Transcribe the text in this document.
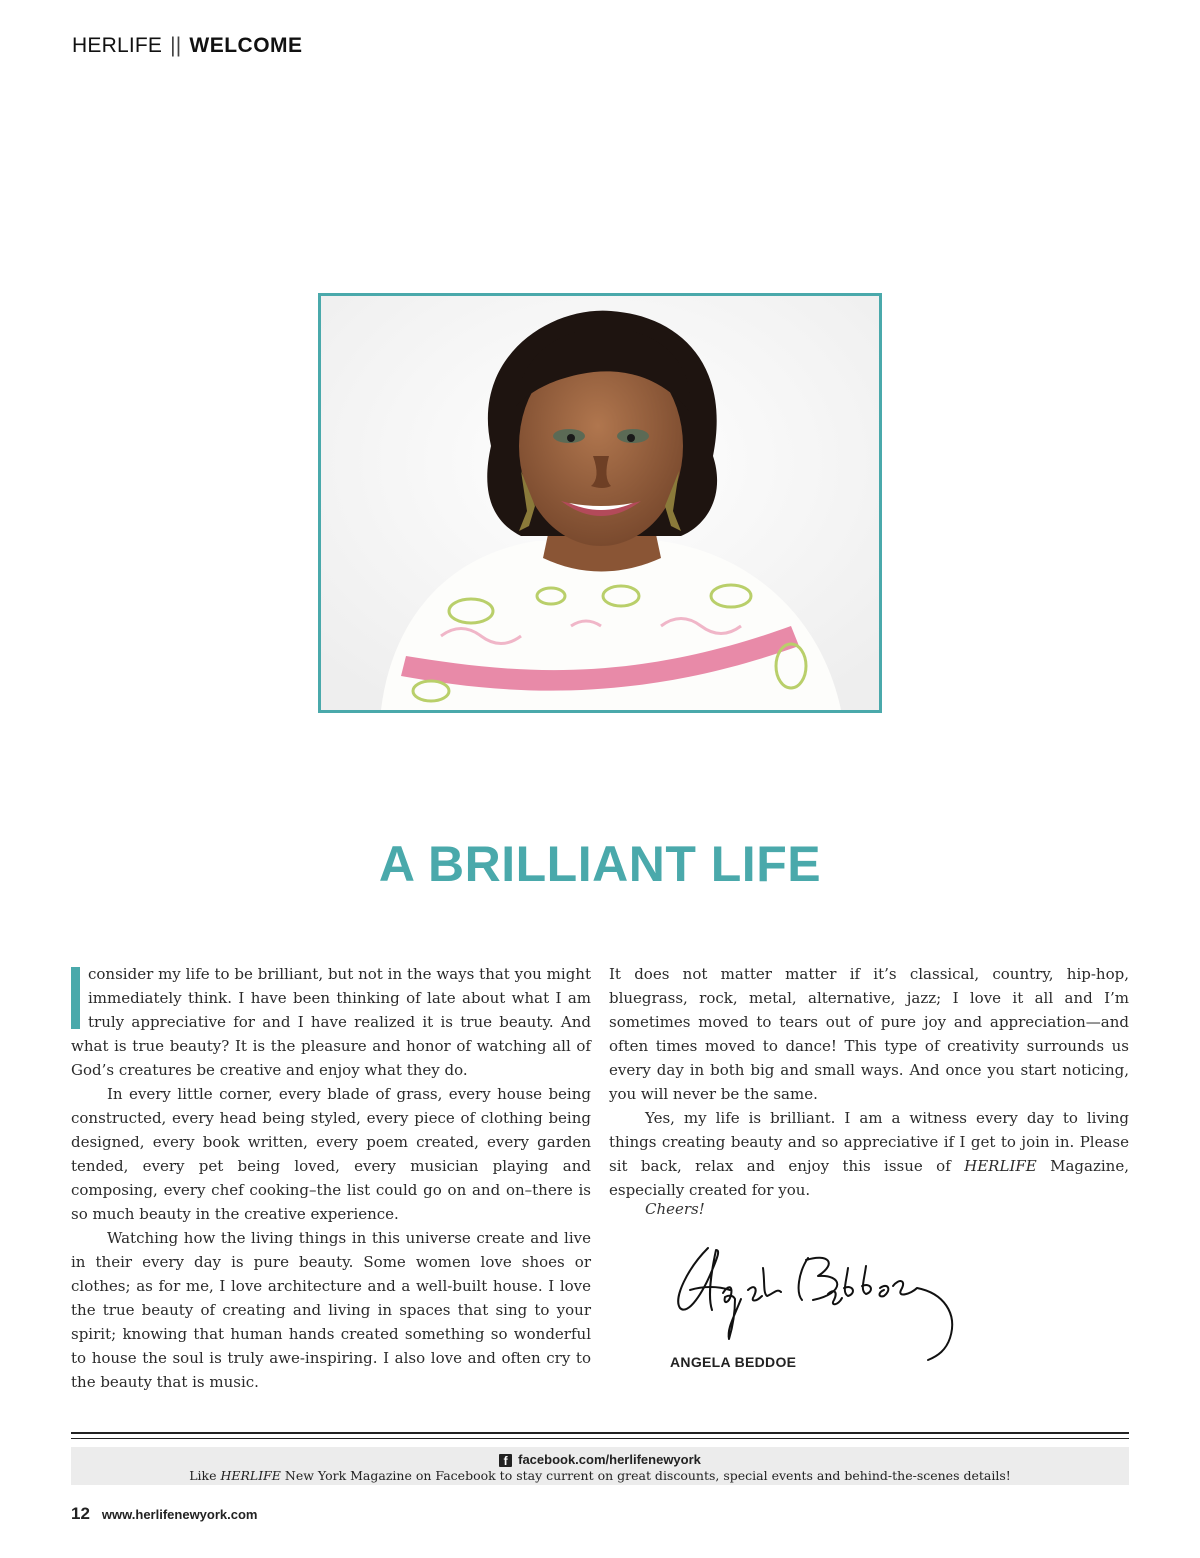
HERLIFE || WELCOME
A BRILLIANT LIFE

consider my life to be brilliant, but not in the ways that you might immediately think. I have been thinking of late about what I am truly appreciative for and I have realized it is true beauty. And what is true beauty? It is the pleasure and honor of watching all of God’s creatures be creative and enjoy what they do.

In every little corner, every blade of grass, every house being constructed, every head being styled, every piece of clothing being designed, every book written, every poem created, every garden tended, every pet being loved, every musician playing and composing, every chef cooking–the list could go on and on–there is so much beauty in the creative experience.

Watching how the living things in this universe create and live in their every day is pure beauty. Some women love shoes or clothes; as for me, I love architecture and a well-built house. I love the true beauty of creating and living in spaces that sing to your spirit; knowing that human hands created something so wonderful to house the soul is truly awe-inspiring. I also love and often cry to the beauty that is music.

It does not matter matter if it’s classical, country, hip-hop, bluegrass, rock, metal, alternative, jazz; I love it all and I’m sometimes moved to tears out of pure joy and appreciation—and often times moved to dance! This type of creativity surrounds us every day in both big and small ways. And once you start noticing, you will never be the same.

Yes, my life is brilliant. I am a witness every day to living things creating beauty and so appreciative if I get to join in. Please sit back, relax and enjoy this issue of HERLIFE Magazine, especially created for you.

Cheers!
ANGELA BEDDOE
f facebook.com/herlifenewyork
Like HERLIFE New York Magazine on Facebook to stay current on great discounts, special events and behind-the-scenes details!
12 www.herlifenewyork.com
